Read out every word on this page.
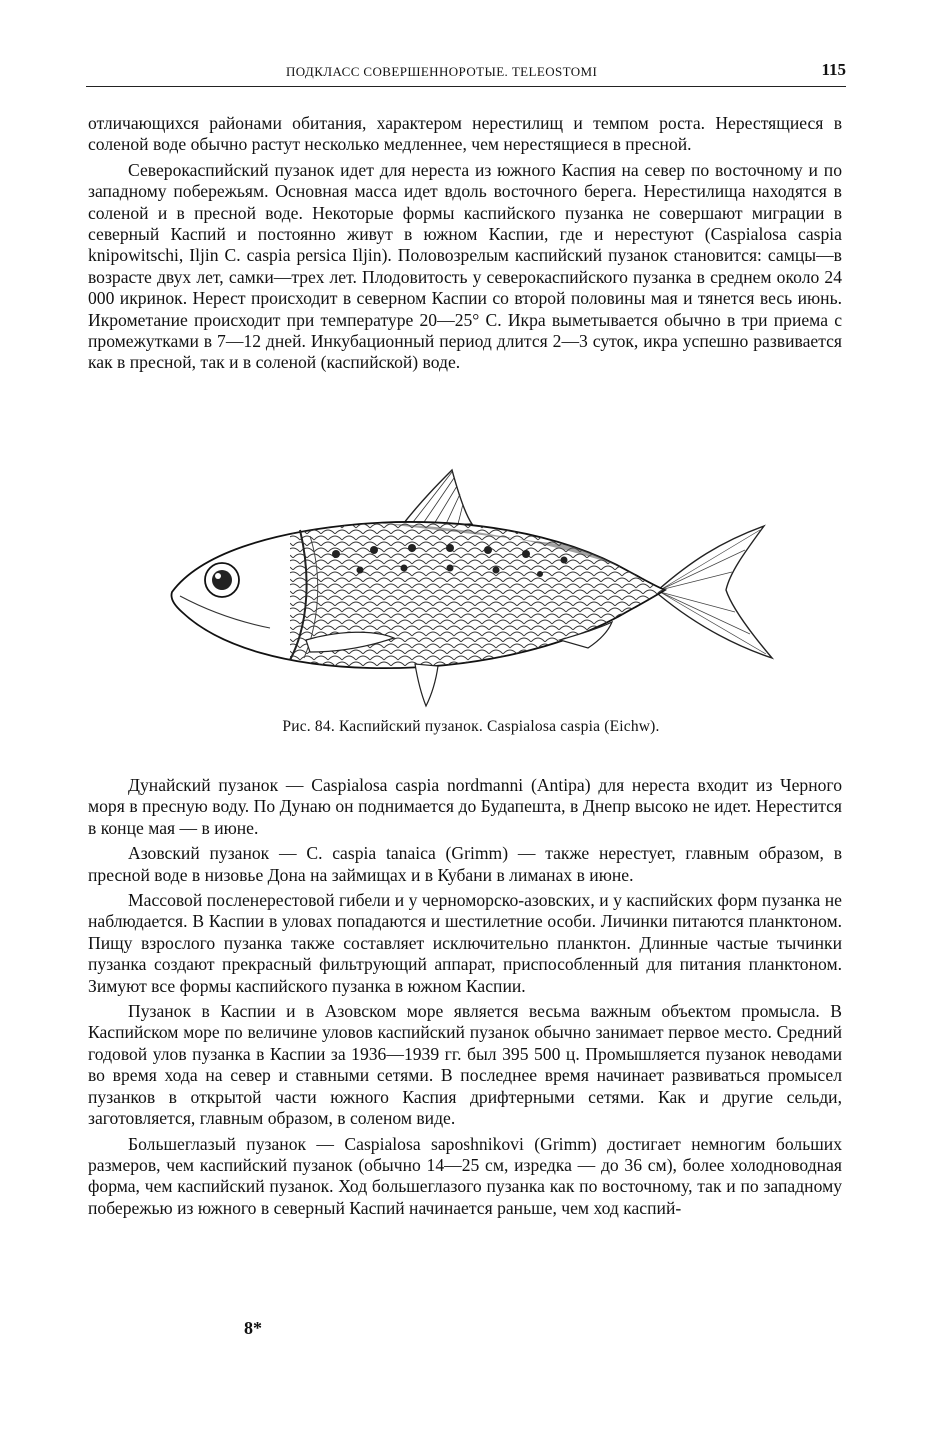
ПОДКЛАСС СОВЕРШЕННОРОТЫЕ. TELEOSTOMI	115

отличающихся районами обитания, характером нерестилищ и темпом роста. Нерестящиеся в соленой воде обычно растут несколько медленнее, чем нерестящиеся в пресной.

Северокаспийский пузанок идет для нереста из южного Каспия на север по восточному и по западному побережьям. Основная масса идет вдоль восточного берега. Нерестилища находятся в соленой и в пресной воде. Некоторые формы каспийского пузанка не совершают миграции в северный Каспий и постоянно живут в южном Каспии, где и нерестуют (Caspialosa caspia knipowitschi, Iljin C. caspia persica Iljin). Половозрелым каспийский пузанок становится: самцы—в возрасте двух лет, самки—трех лет. Плодовитость у северокаспийского пузанка в среднем около 24 000 икринок. Нерест происходит в северном Каспии со второй половины мая и тянется весь июнь. Икрометание происходит при температуре 20—25° С. Икра выметывается обычно в три приема с промежутками в 7—12 дней. Инкубационный период длится 2—3 суток, икра успешно развивается как в пресной, так и в соленой (каспийской) воде.

Рис. 84. Каспийский пузанок. Caspialosa caspia (Eichw).

Дунайский пузанок — Caspialosa caspia nordmanni (Antipa) для нереста входит из Черного моря в пресную воду. По Дунаю он поднимается до Будапешта, в Днепр высоко не идет. Нерестится в конце мая — в июне.

Азовский пузанок — C. caspia tanaica (Grimm) — также нерестует, главным образом, в пресной воде в низовье Дона на займищах и в Кубани в лиманах в июне.

Массовой посленерестовой гибели и у черноморско-азовских, и у каспийских форм пузанка не наблюдается. В Каспии в уловах попадаются и шестилетние особи. Личинки питаются планктоном. Пищу взрослого пузанка также составляет исключительно планктон. Длинные частые тычинки пузанка создают прекрасный фильтрующий аппарат, приспособленный для питания планктоном. Зимуют все формы каспийского пузанка в южном Каспии.

Пузанок в Каспии и в Азовском море является весьма важным объектом промысла. В Каспийском море по величине уловов каспийский пузанок обычно занимает первое место. Средний годовой улов пузанка в Каспии за 1936—1939 гг. был 395 500 ц. Промышляется пузанок неводами во время хода на север и ставными сетями. В последнее время начинает развиваться промысел пузанков в открытой части южного Каспия дрифтерными сетями. Как и другие сельди, заготовляется, главным образом, в соленом виде.

Большеглазый пузанок — Caspialosa saposhnikovi (Grimm) достигает немногим больших размеров, чем каспийский пузанок (обычно 14—25 см, изредка — до 36 см), более холодноводная форма, чем каспийский пузанок. Ход большеглазого пузанка как по восточному, так и по западному побережью из южного в северный Каспий начинается раньше, чем ход каспий-

8*
